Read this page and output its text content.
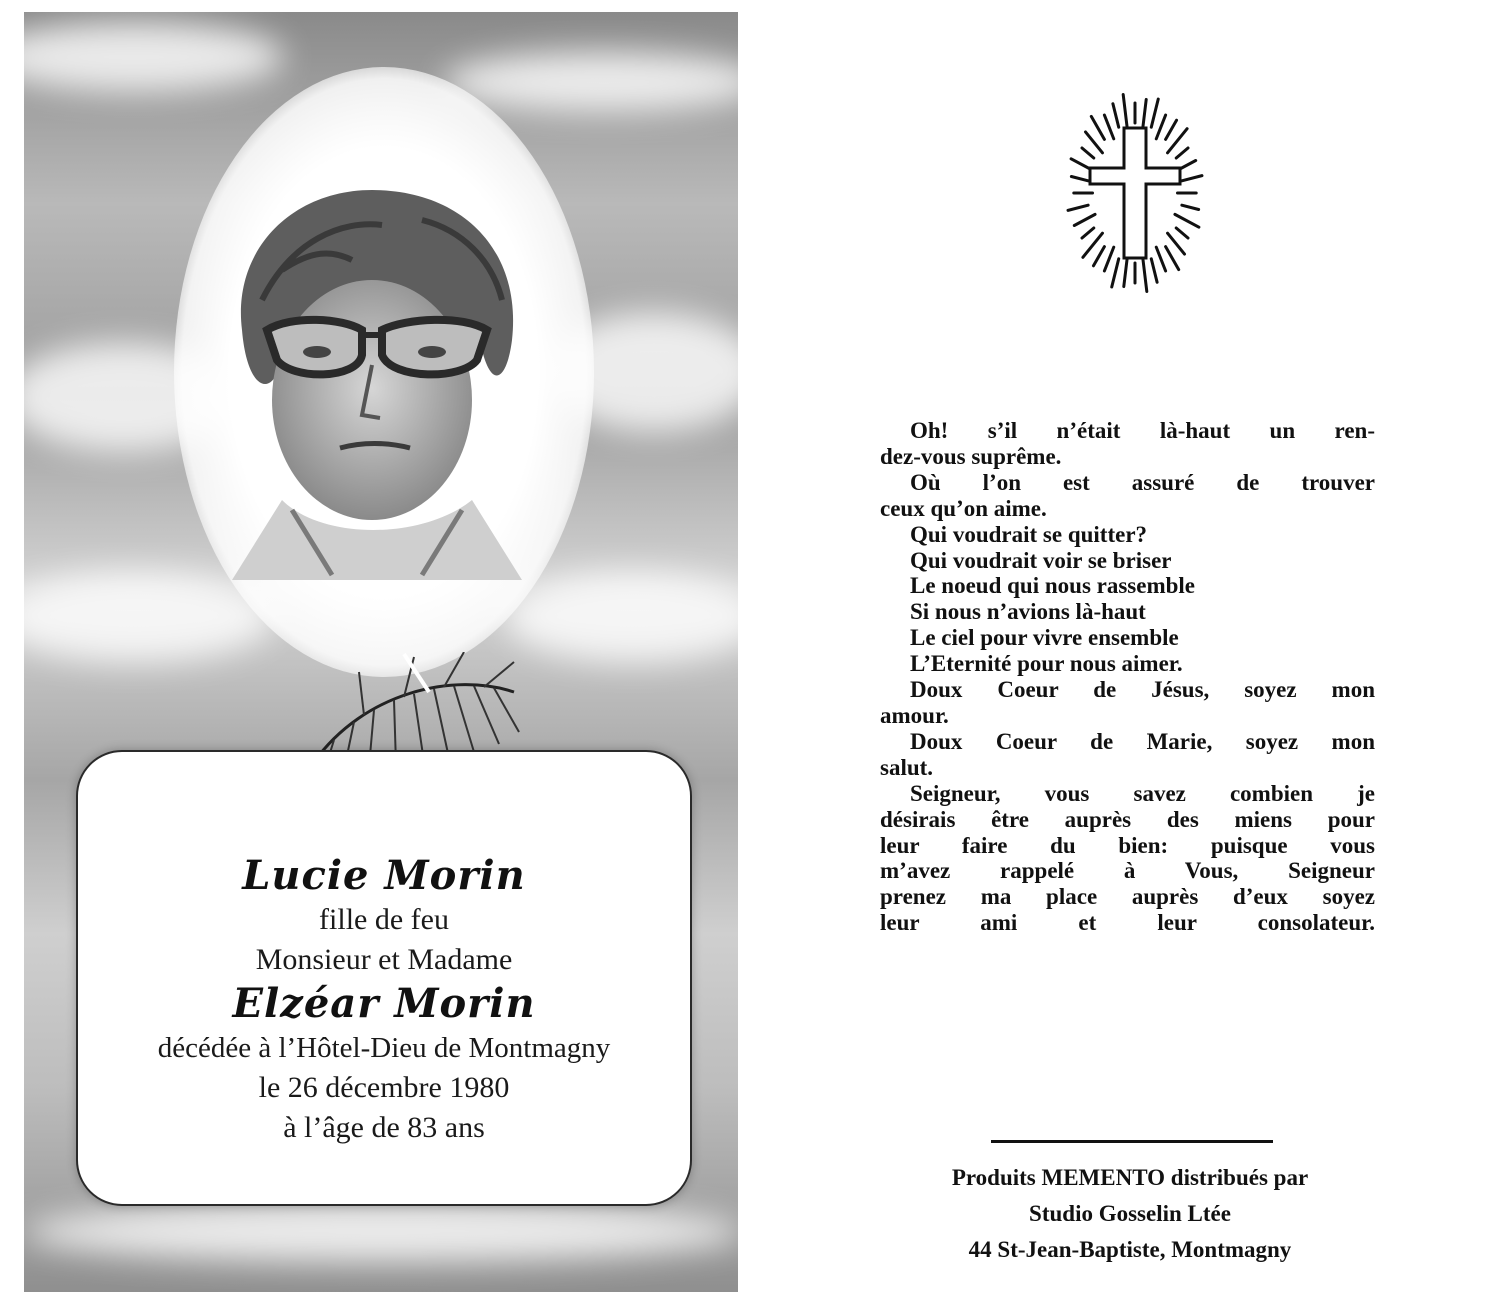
Lucie Morin
fille de feu
Monsieur et Madame
Elzéar Morin
décédée à l’Hôtel-Dieu de Montmagny
le 26 décembre 1980
à l’âge de 83 ans
Oh! s’il n’était là-haut un ren-
dez-vous suprême.
Où l’on est assuré de trouver
ceux qu’on aime.
Qui voudrait se quitter?
Qui voudrait voir se briser
Le noeud qui nous rassemble
Si nous n’avions là-haut
Le ciel pour vivre ensemble
L’Eternité pour nous aimer.
Doux Coeur de Jésus, soyez mon
amour.
Doux Coeur de Marie, soyez mon
salut.
Seigneur, vous savez combien je
désirais être auprès des miens pour
leur faire du bien: puisque vous
m’avez rappelé à Vous, Seigneur
prenez ma place auprès d’eux soyez
leur ami et leur consolateur.
Produits MEMENTO distribués par
Studio Gosselin Ltée
44 St-Jean-Baptiste, Montmagny
